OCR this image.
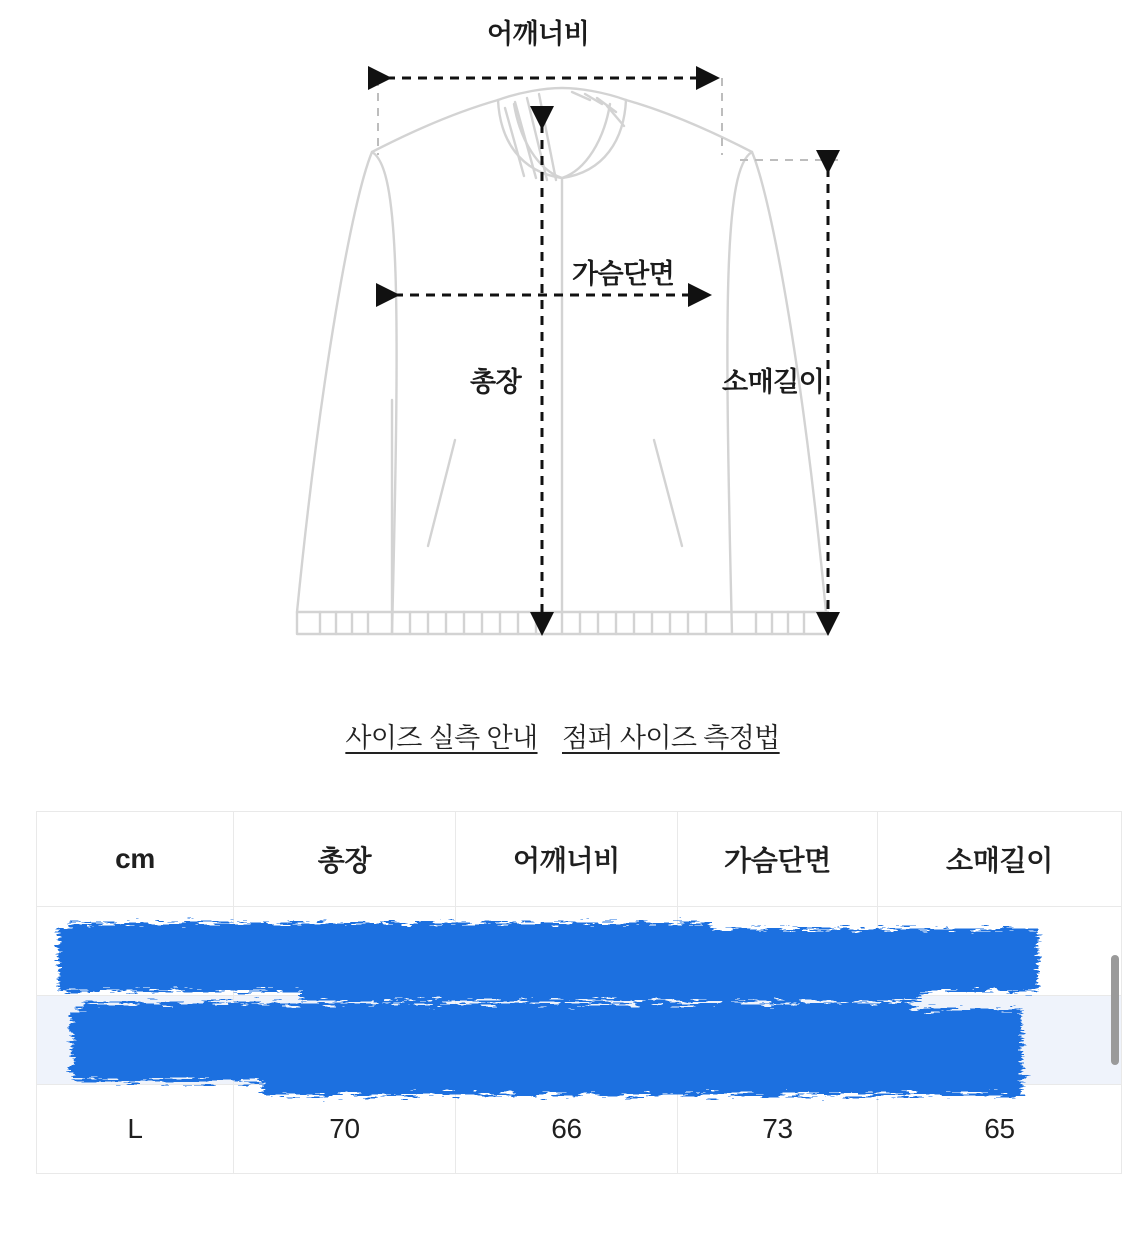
어깨너비
가슴단면
총장	소매길이
사이즈 실측 안내 점퍼 사이즈 측정법
cm	총장	어깨너비	가슴단면	소매길이

L	70	66	73	65
